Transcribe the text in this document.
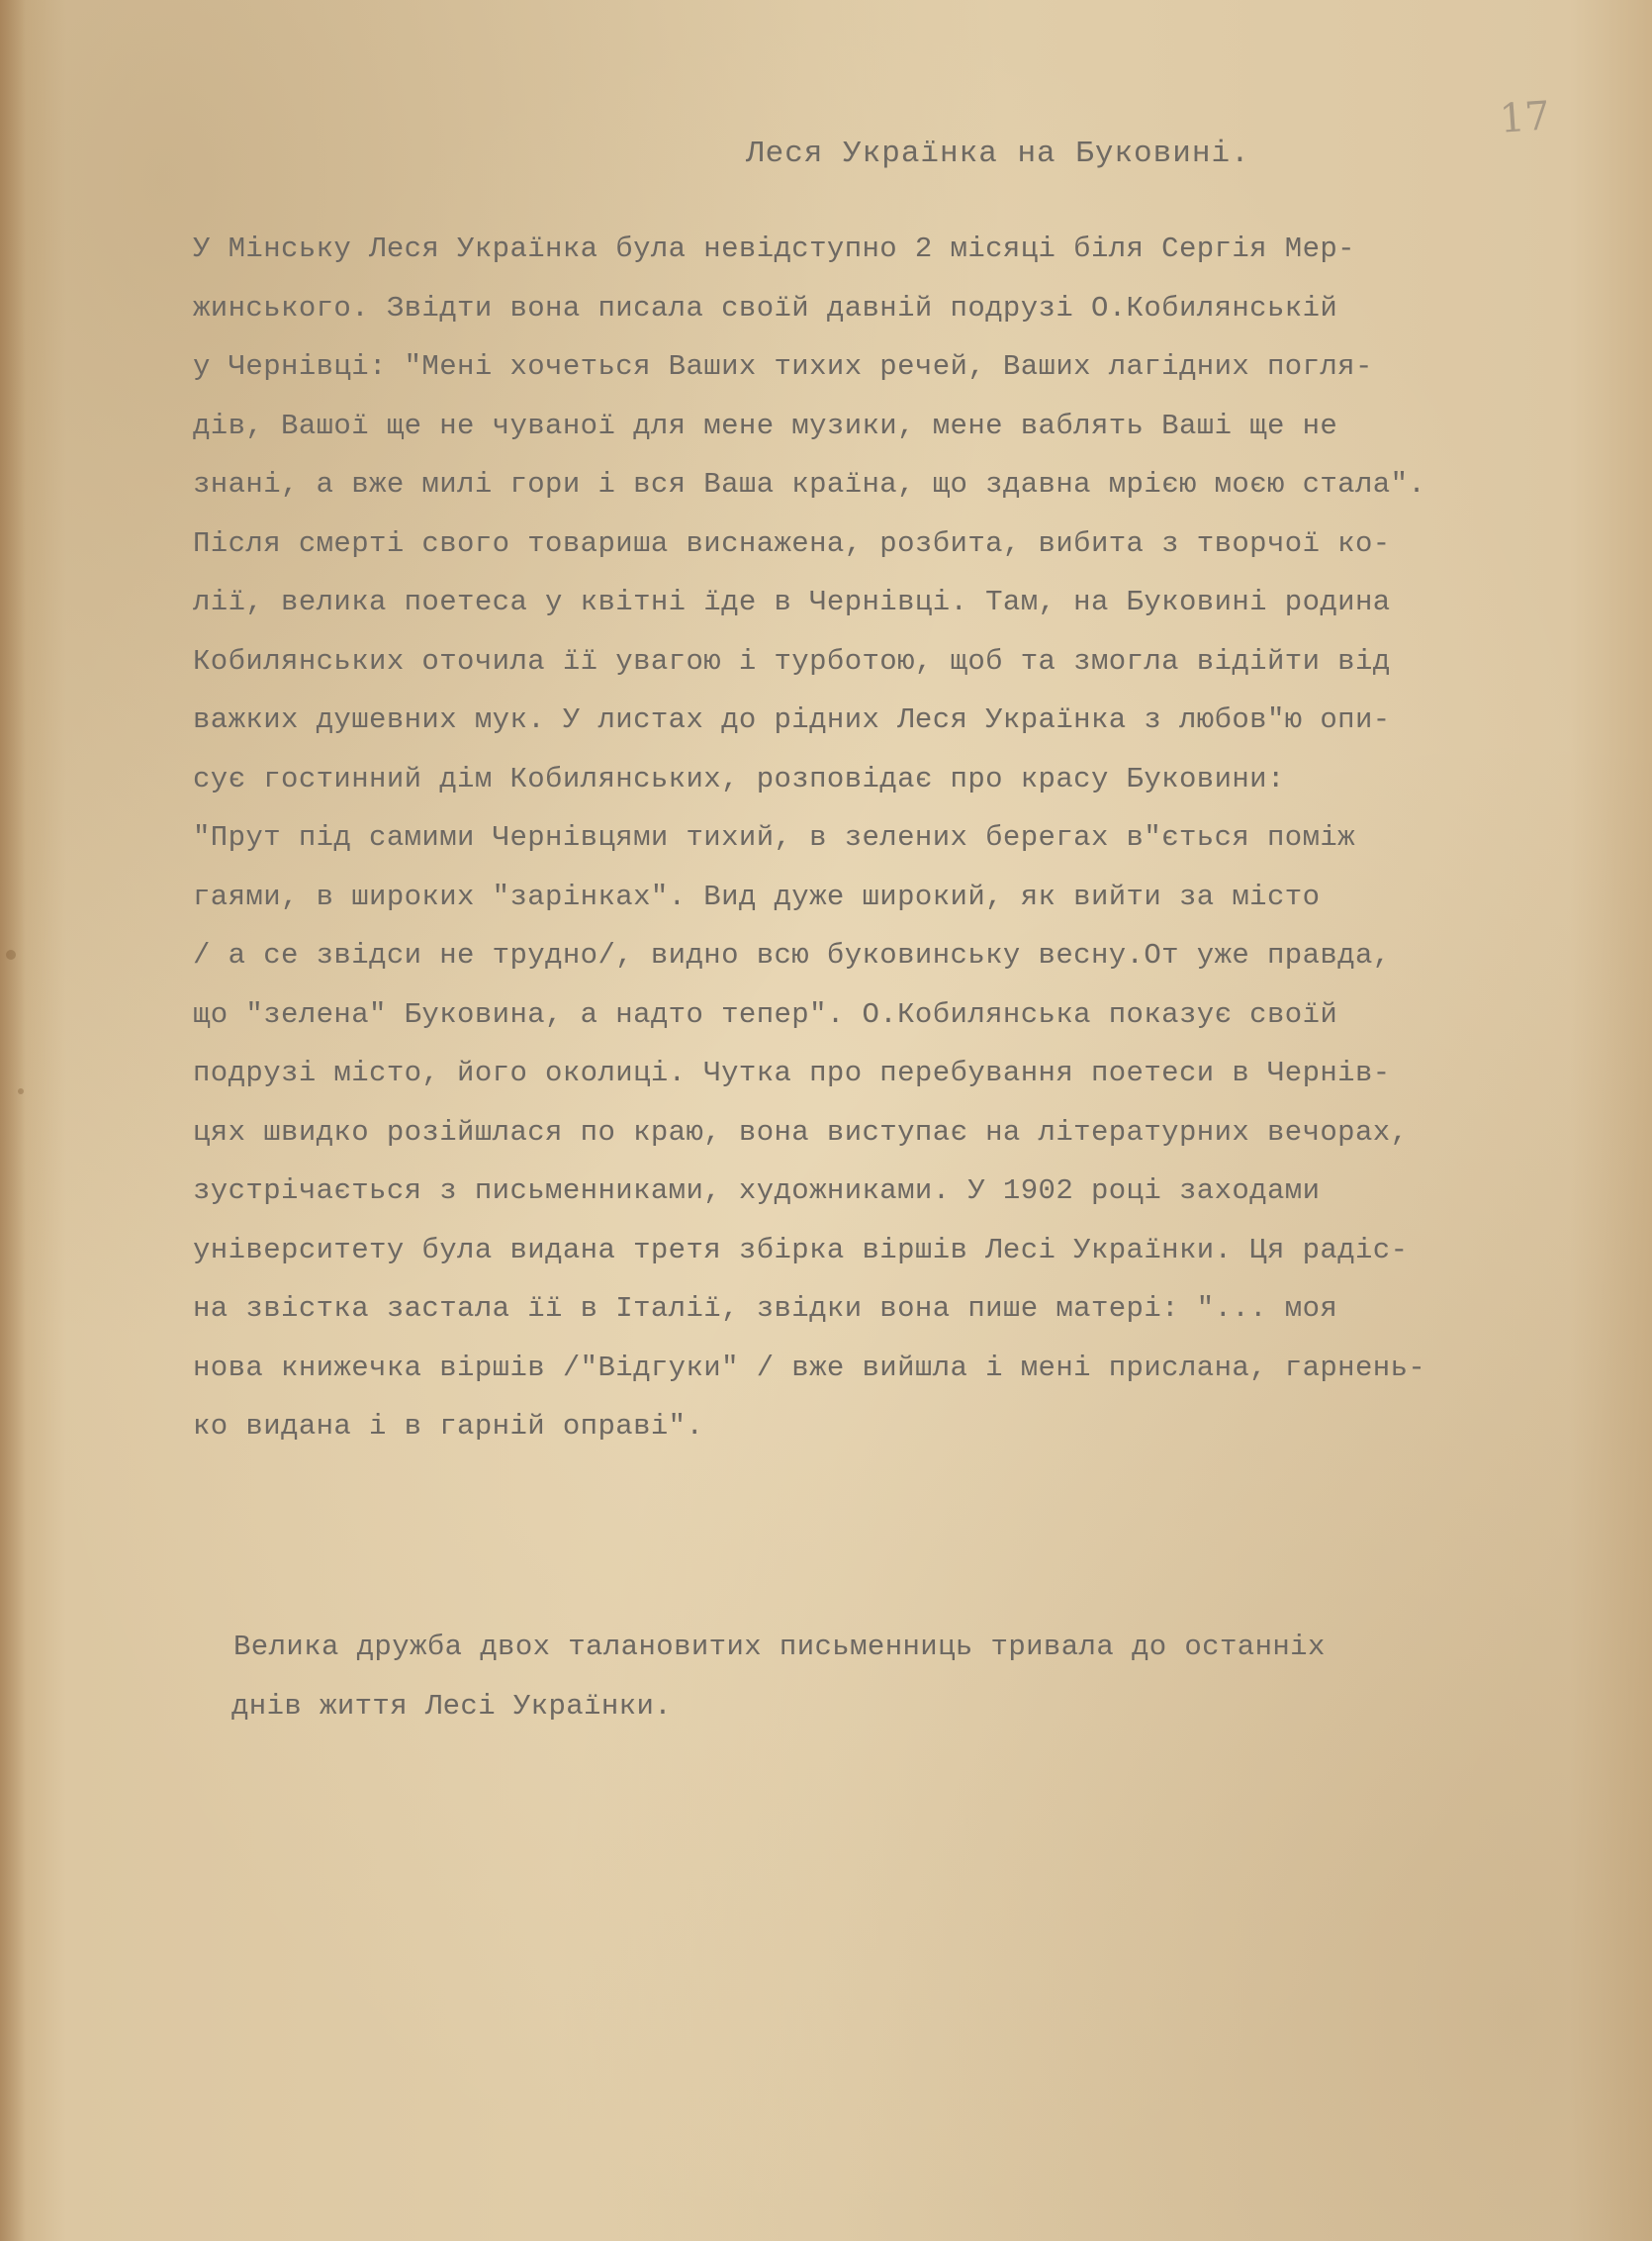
17
Леся Українка на Буковині.
У Мінську Леся Українка була невідступно 2 місяці біля Сергія Мер-
жинського. Звідти вона писала своїй давній подрузі О.Кобилянській
у Чернівці: "Мені хочеться Ваших тихих речей, Ваших лагідних погля-
дів, Вашої ще не чуваної для мене музики, мене ваблять Ваші ще не
знані, а вже милі гори і вся Ваша країна, що здавна мрією моєю стала".
Після смерті свого товариша виснажена, розбита, вибита з творчої ко-
лії, велика поетеса у квітні їде в Чернівці. Там, на Буковині родина
Кобилянських оточила її увагою і турботою, щоб та змогла відійти від
важких душевних мук. У листах до рідних Леся Українка з любов"ю опи-
сує гостинний дім Кобилянських, розповідає про красу Буковини:
"Прут під самими Чернівцями тихий, в зелених берегах в"ється поміж
гаями, в широких "зарінках". Вид дуже широкий, як вийти за місто
/ а се звідси не трудно/, видно всю буковинську весну.От уже правда,
що "зелена" Буковина, а надто тепер". О.Кобилянська показує своїй
подрузі місто, його околиці. Чутка про перебування поетеси в Чернів-
цях швидко розійшлася по краю, вона виступає на літературних вечорах,
зустрічається з письменниками, художниками. У 1902 році заходами
університету була видана третя збірка віршів Лесі Українки. Ця радіс-
на звістка застала її в Італії, звідки вона пише матері: "... моя
нова книжечка віршів /"Відгуки" / вже вийшла і мені прислана, гарнень-
ко видана і в гарній оправі".
Велика дружба двох талановитих письменниць тривала до останніх
днів життя Лесі Українки.
